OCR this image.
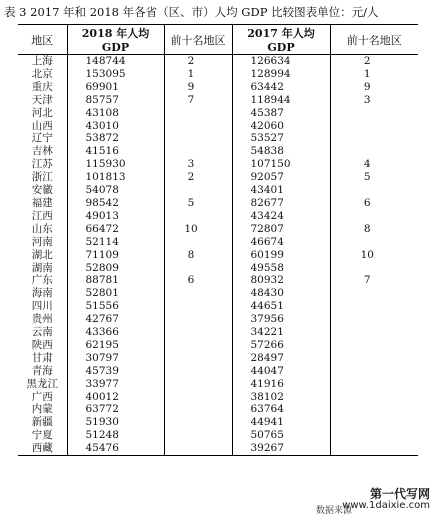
表 3 2017 年和 2018 年各省（区、市）人均 GDP 比较图表单位：元/人
地区	2018 年人均 GDP	前十名地区	2017 年人均 GDP	前十名地区
上海	148744	2	126634	2
北京	153095	1	128994	1
重庆	69901	9	63442	9
天津	85757	7	118944	3
河北	43108		45387	
山西	43010		42060	
辽宁	53872		53527	
吉林	41516		54838	
江苏	115930	3	107150	4
浙江	101813	2	92057	5
安徽	54078		43401	
福建	98542	5	82677	6
江西	49013		43424	
山东	66472	10	72807	8
河南	52114		46674	
湖北	71109	8	60199	10
湖南	52809		49558	
广东	88781	6	80932	7
海南	52801		48430	
四川	51556		44651	
贵州	42767		37956	
云南	43366		34221	
陕西	62195		57266	
甘肃	30797		28497	
青海	45739		44047	
黑龙江	33977		41916	
广西	40012		38102	
内蒙	63772		63764	
新疆	51930		44941	
宁夏	51248		50765	
西藏	45476		39267	
数据来源
第一代写网
www.1daixie.com
